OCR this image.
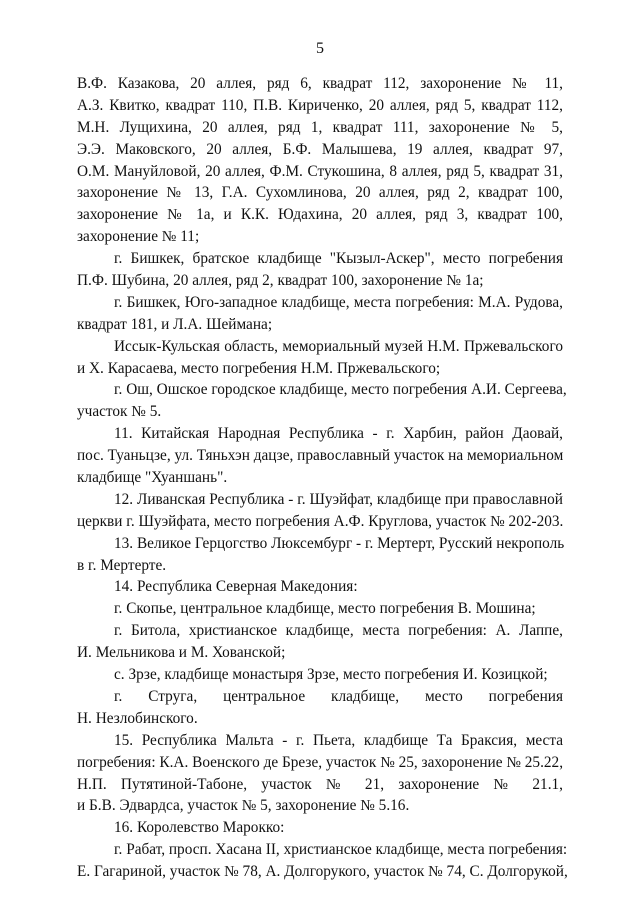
5
В.Ф. Казакова, 20 аллея, ряд 6, квадрат 112, захоронение № 11,
А.З. Квитко, квадрат 110, П.В. Кириченко, 20 аллея, ряд 5, квадрат 112,
М.Н. Лущихина, 20 аллея, ряд 1, квадрат 111, захоронение № 5,
Э.Э. Маковского, 20 аллея, Б.Ф. Малышева, 19 аллея, квадрат 97,
О.М. Мануйловой, 20 аллея, Ф.М. Стукошина, 8 аллея, ряд 5, квадрат 31,
захоронение № 13, Г.А. Сухомлинова, 20 аллея, ряд 2, квадрат 100,
захоронение № 1а, и К.К. Юдахина, 20 аллея, ряд 3, квадрат 100,
захоронение № 11;
г. Бишкек, братское кладбище "Кызыл-Аскер", место погребения
П.Ф. Шубина, 20 аллея, ряд 2, квадрат 100, захоронение № 1а;
г. Бишкек, Юго-западное кладбище, места погребения: М.А. Рудова,
квадрат 181, и Л.А. Шеймана;
Иссык-Кульская область, мемориальный музей Н.М. Пржевальского
и Х. Карасаева, место погребения Н.М. Пржевальского;
г. Ош, Ошское городское кладбище, место погребения А.И. Сергеева,
участок № 5.
11. Китайская Народная Республика - г. Харбин, район Даовай,
пос. Туаньцзе, ул. Тяньхэн дацзе, православный участок на мемориальном
кладбище "Хуаншань".
12. Ливанская Республика - г. Шуэйфат, кладбище при православной
церкви г. Шуэйфата, место погребения А.Ф. Круглова, участок № 202-203.
13. Великое Герцогство Люксембург - г. Мертерт, Русский некрополь
в г. Мертерте.
14. Республика Северная Македония:
г. Скопье, центральное кладбище, место погребения В. Мошина;
г. Битола, христианское кладбище, места погребения: А. Лаппе,
И. Мельникова и М. Хованской;
с. Зрзе, кладбище монастыря Зрзе, место погребения И. Козицкой;
г. Струга, центральное кладбище, место погребения
Н. Незлобинского.
15. Республика Мальта - г. Пьета, кладбище Та Браксия, места
погребения: К.А. Военского де Брезе, участок № 25, захоронение № 25.22,
Н.П. Путятиной-Табоне, участок № 21, захоронение № 21.1,
и Б.В. Эдвардса, участок № 5, захоронение № 5.16.
16. Королевство Марокко:
г. Рабат, просп. Хасана II, христианское кладбище, места погребения:
Е. Гагариной, участок № 78, А. Долгорукого, участок № 74, С. Долгорукой,
